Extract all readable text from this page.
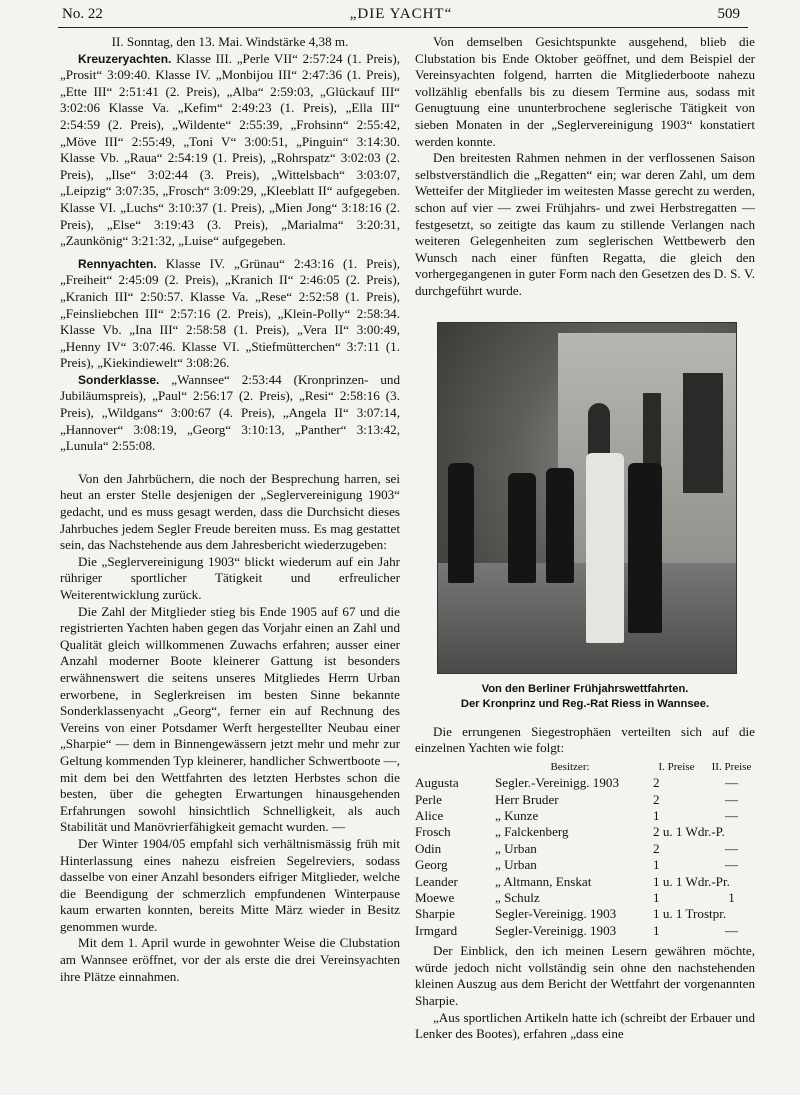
No. 22	„DIE YACHT“	509

II. Sonntag, den 13. Mai. Windstärke 4,38 m.

Kreuzeryachten. Klasse III. „Perle VII“ 2:57:24 (1. Preis), „Prosit“ 3:09:40. Klasse IV. „Monbijou III“ 2:47:36 (1. Preis), „Ette III“ 2:51:41 (2. Preis), „Alba“ 2:59:03, „Glückauf III“ 3:02:06 Klasse Va. „Kefim“ 2:49:23 (1. Preis), „Ella III“ 2:54:59 (2. Preis), „Wildente“ 2:55:39, „Frohsinn“ 2:55:42, „Möve III“ 2:55:49, „Toni V“ 3:00:51, „Pinguin“ 3:14:30. Klasse Vb. „Raua“ 2:54:19 (1. Preis), „Rohrspatz“ 3:02:03 (2. Preis), „Ilse“ 3:02:44 (3. Preis), „Wittelsbach“ 3:03:07, „Leipzig“ 3:07:35, „Frosch“ 3:09:29, „Kleeblatt II“ aufgegeben. Klasse VI. „Luchs“ 3:10:37 (1. Preis), „Mien Jong“ 3:18:16 (2. Preis), „Else“ 3:19:43 (3. Preis), „Marialma“ 3:20:31, „Zaunkönig“ 3:21:32, „Luise“ aufgegeben.

Rennyachten. Klasse IV. „Grünau“ 2:43:16 (1. Preis), „Freiheit“ 2:45:09 (2. Preis), „Kranich II“ 2:46:05 (2. Preis), „Kranich III“ 2:50:57. Klasse Va. „Rese“ 2:52:58 (1. Preis), „Feinsliebchen III“ 2:57:16 (2. Preis), „Klein-Polly“ 2:58:34. Klasse Vb. „Ina III“ 2:58:58 (1. Preis), „Vera II“ 3:00:49, „Henny IV“ 3:07:46. Klasse VI. „Stiefmütterchen“ 3:7:11 (1. Preis), „Kiekindiewelt“ 3:08:26.

Sonderklasse. „Wannsee“ 2:53:44 (Kronprinzen- und Jubiläumspreis), „Paul“ 2:56:17 (2. Preis), „Resi“ 2:58:16 (3. Preis), „Wildgans“ 3:00:67 (4. Preis), „Angela II“ 3:07:14, „Hannover“ 3:08:19, „Georg“ 3:10:13, „Panther“ 3:13:42, „Lunula“ 2:55:08.

Von den Jahrbüchern, die noch der Besprechung harren, sei heut an erster Stelle desjenigen der „Seglervereinigung 1903“ gedacht, und es muss gesagt werden, dass die Durchsicht dieses Jahrbuches jedem Segler Freude bereiten muss. Es mag gestattet sein, das Nachstehende aus dem Jahresbericht wiederzugeben:

Die „Seglervereinigung 1903“ blickt wiederum auf ein Jahr rühriger sportlicher Tätigkeit und erfreulicher Weiterentwicklung zurück.

Die Zahl der Mitglieder stieg bis Ende 1905 auf 67 und die registrierten Yachten haben gegen das Vorjahr einen an Zahl und Qualität gleich willkommenen Zuwachs erfahren; ausser einer Anzahl moderner Boote kleinerer Gattung ist besonders erwähnenswert die seitens unseres Mitgliedes Herrn Urban erworbene, in Seglerkreisen im besten Sinne bekannte Sonderklassenyacht „Georg“, ferner ein auf Rechnung des Vereins von einer Potsdamer Werft hergestellter Neubau einer „Sharpie“ — dem in Binnengewässern jetzt mehr und mehr zur Geltung kommenden Typ kleinerer, handlicher Schwertboote —, mit dem bei den Wettfahrten des letzten Herbstes schon die besten, über die gehegten Erwartungen hinausgehenden Erfahrungen sowohl hinsichtlich Schnelligkeit, als auch Stabilität und Manövrierfähigkeit gemacht wurden. —

Der Winter 1904/05 empfahl sich verhältnismässig früh mit Hinterlassung eines nahezu eisfreien Segelreviers, sodass dasselbe von einer Anzahl besonders eifriger Mitglieder, welche die Beendigung der schmerzlich empfundenen Winterpause kaum erwarten konnten, bereits Mitte März wieder in Besitz genommen wurde.

Mit dem 1. April wurde in gewohnter Weise die Clubstation am Wannsee eröffnet, vor der als erste die drei Vereinsyachten ihre Plätze einnahmen.

Von demselben Gesichtspunkte ausgehend, blieb die Clubstation bis Ende Oktober geöffnet, und dem Beispiel der Vereinsyachten folgend, harrten die Mitgliederboote nahezu vollzählig ebenfalls bis zu diesem Termine aus, sodass mit Genugtuung eine ununterbrochene seglerische Tätigkeit von sieben Monaten in der „Seglervereinigung 1903“ konstatiert werden konnte.

Den breitesten Rahmen nehmen in der verflossenen Saison selbstverständlich die „Regatten“ ein; war deren Zahl, um dem Wetteifer der Mitglieder im weitesten Masse gerecht zu werden, schon auf vier — zwei Frühjahrs- und zwei Herbstregatten — festgesetzt, so zeitigte das kaum zu stillende Verlangen nach weiteren Gelegenheiten zum seglerischen Wettbewerb den Wunsch nach einer fünften Regatta, die gleich den vorhergegangenen in guter Form nach den Gesetzen des D. S. V. durchgeführt wurde.

Von den Berliner Frühjahrswettfahrten.
Der Kronprinz und Reg.-Rat Riess in Wannsee.

Die errungenen Siegestrophäen verteilten sich auf die einzelnen Yachten wie folgt:

	Besitzer:	I. Preise	II. Preise
Augusta	Segler.-Vereinigg. 1903	2	—
Perle	Herr Bruder	2	—
Alice	„ Kunze	1	—
Frosch	„ Falckenberg	2 u. 1 Wdr.-P.	
Odin	„ Urban	2	—
Georg	„ Urban	1	—
Leander	„ Altmann, Enskat	1 u. 1 Wdr.-Pr.	
Moewe	„ Schulz	1	1
Sharpie	Segler-Vereinigg. 1903	1 u. 1 Trostpr.	
Irmgard	Segler-Vereinigg. 1903	1	—

Der Einblick, den ich meinen Lesern gewähren möchte, würde jedoch nicht vollständig sein ohne den nachstehenden kleinen Auszug aus dem Bericht der Wettfahrt der vorgenannten Sharpie.

„Aus sportlichen Artikeln hatte ich (schreibt der Erbauer und Lenker des Bootes), erfahren „dass eine
